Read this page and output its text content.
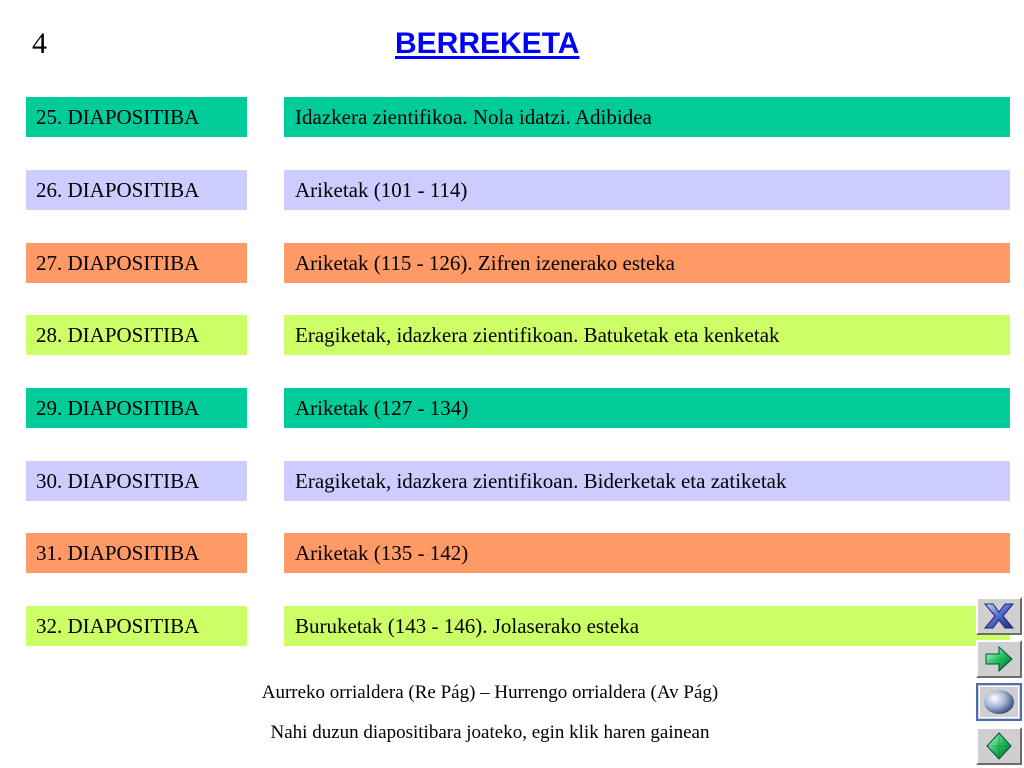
4	BERREKETA
25. DIAPOSITIBA	Idazkera zientifikoa. Nola idatzi. Adibidea
26. DIAPOSITIBA	Ariketak (101 - 114)
27. DIAPOSITIBA	Ariketak (115 - 126). Zifren izenerako esteka
28. DIAPOSITIBA	Eragiketak, idazkera zientifikoan. Batuketak eta kenketak
29. DIAPOSITIBA	Ariketak (127 - 134)
30. DIAPOSITIBA	Eragiketak, idazkera zientifikoan. Biderketak eta zatiketak
31. DIAPOSITIBA	Ariketak (135 - 142)
32. DIAPOSITIBA	Buruketak (143 - 146). Jolaserako esteka
Aurreko orrialdera (Re Pág) – Hurrengo orrialdera (Av Pág)
Nahi duzun diapositibara joateko, egin klik haren gainean
